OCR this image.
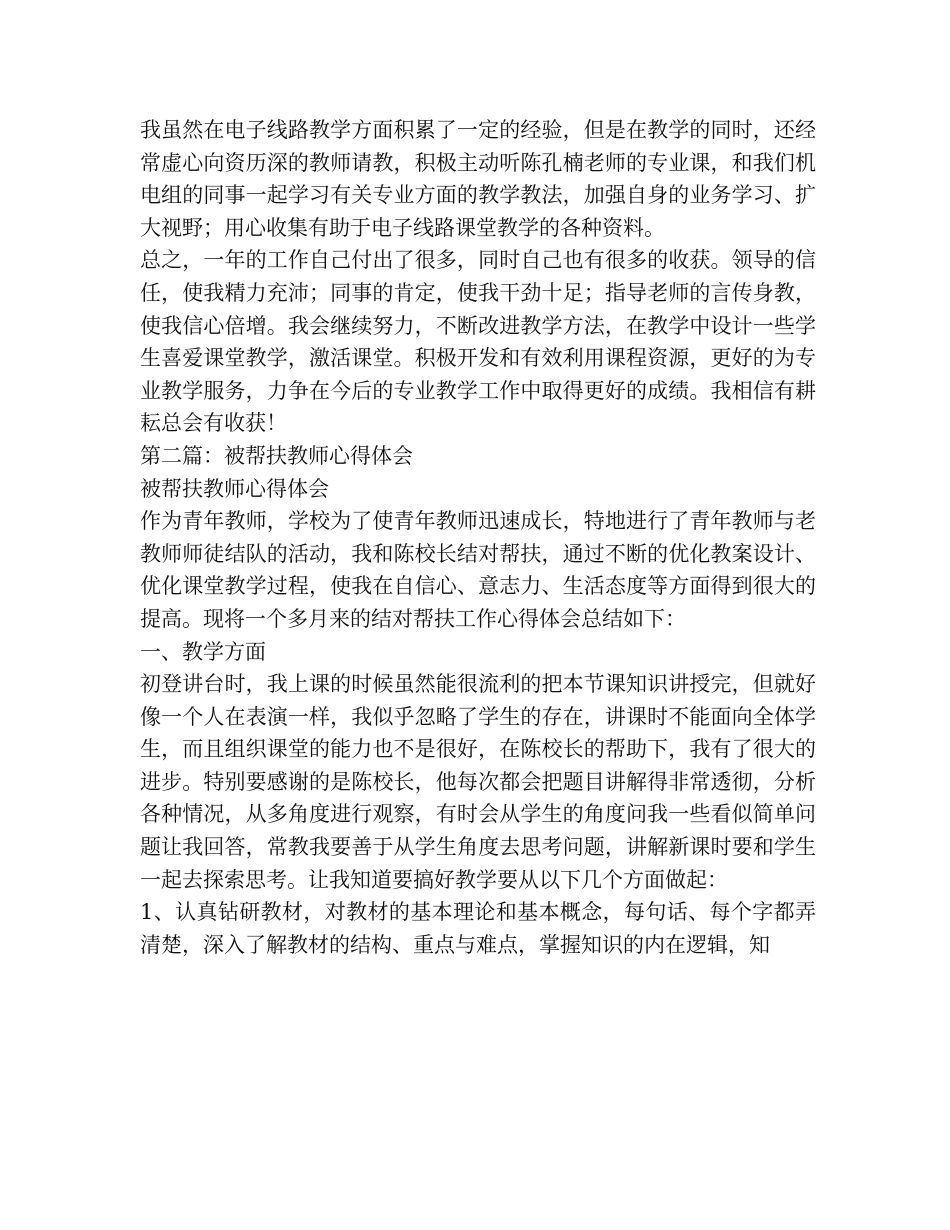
我虽然在电子线路教学方面积累了一定的经验，但是在教学的同时，还经常虚心向资历深的教师请教，积极主动听陈孔楠老师的专业课，和我们机电组的同事一起学习有关专业方面的教学教法，加强自身的业务学习、扩大视野；用心收集有助于电子线路课堂教学的各种资料。

总之，一年的工作自己付出了很多，同时自己也有很多的收获。领导的信任，使我精力充沛；同事的肯定，使我干劲十足；指导老师的言传身教，使我信心倍增。我会继续努力，不断改进教学方法，在教学中设计一些学生喜爱课堂教学，激活课堂。积极开发和有效利用课程资源，更好的为专业教学服务，力争在今后的专业教学工作中取得更好的成绩。我相信有耕耘总会有收获！

第二篇：被帮扶教师心得体会

被帮扶教师心得体会

作为青年教师，学校为了使青年教师迅速成长，特地进行了青年教师与老教师师徒结队的活动，我和陈校长结对帮扶，通过不断的优化教案设计、优化课堂教学过程，使我在自信心、意志力、生活态度等方面得到很大的提高。现将一个多月来的结对帮扶工作心得体会总结如下：

一、教学方面

初登讲台时，我上课的时候虽然能很流利的把本节课知识讲授完，但就好像一个人在表演一样，我似乎忽略了学生的存在，讲课时不能面向全体学生，而且组织课堂的能力也不是很好，在陈校长的帮助下，我有了很大的进步。特别要感谢的是陈校长，他每次都会把题目讲解得非常透彻，分析各种情况，从多角度进行观察，有时会从学生的角度问我一些看似简单问题让我回答，常教我要善于从学生角度去思考问题，讲解新课时要和学生一起去探索思考。让我知道要搞好教学要从以下几个方面做起：

1、认真钻研教材，对教材的基本理论和基本概念，每句话、每个字都弄清楚，深入了解教材的结构、重点与难点，掌握知识的内在逻辑，知
